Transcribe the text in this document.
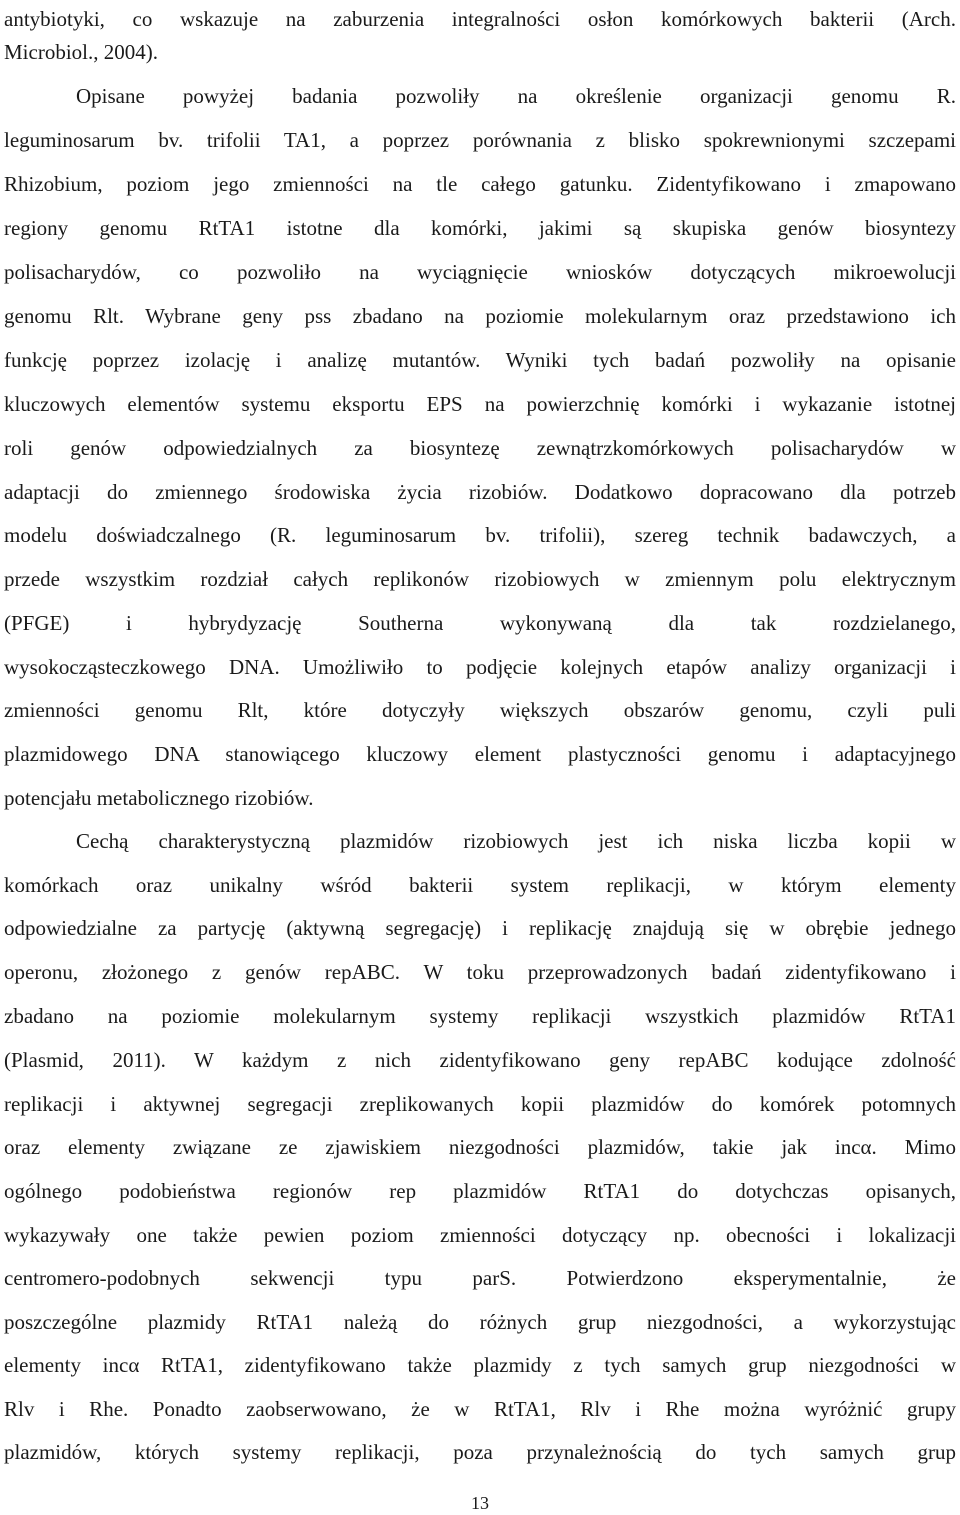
antybiotyki, co wskazuje na zaburzenia integralności osłon komórkowych bakterii (Arch.
Microbiol., 2004).
Opisane powyżej badania pozwoliły na określenie organizacji genomu R.
leguminosarum bv. trifolii TA1, a poprzez porównania z blisko spokrewnionymi szczepami
Rhizobium, poziom jego zmienności na tle całego gatunku. Zidentyfikowano i zmapowano
regiony genomu RtTA1 istotne dla komórki, jakimi są skupiska genów biosyntezy
polisacharydów, co pozwoliło na wyciągnięcie wniosków dotyczących mikroewolucji
genomu Rlt. Wybrane geny pss zbadano na poziomie molekularnym oraz przedstawiono ich
funkcję poprzez izolację i analizę mutantów. Wyniki tych badań pozwoliły na opisanie
kluczowych elementów systemu eksportu EPS na powierzchnię komórki i wykazanie istotnej
roli genów odpowiedzialnych za biosyntezę zewnątrzkomórkowych polisacharydów w
adaptacji do zmiennego środowiska życia rizobiów. Dodatkowo dopracowano dla potrzeb
modelu doświadczalnego (R. leguminosarum bv. trifolii), szereg technik badawczych, a
przede wszystkim rozdział całych replikonów rizobiowych w zmiennym polu elektrycznym
(PFGE) i hybrydyzację Southerna wykonywaną dla tak rozdzielanego,
wysokocząsteczkowego DNA. Umożliwiło to podjęcie kolejnych etapów analizy organizacji i
zmienności genomu Rlt, które dotyczyły większych obszarów genomu, czyli puli
plazmidowego DNA stanowiącego kluczowy element plastyczności genomu i adaptacyjnego
potencjału metabolicznego rizobiów.
Cechą charakterystyczną plazmidów rizobiowych jest ich niska liczba kopii w
komórkach oraz unikalny wśród bakterii system replikacji, w którym elementy
odpowiedzialne za partycję (aktywną segregację) i replikację znajdują się w obrębie jednego
operonu, złożonego z genów repABC. W toku przeprowadzonych badań zidentyfikowano i
zbadano na poziomie molekularnym systemy replikacji wszystkich plazmidów RtTA1
(Plasmid, 2011). W każdym z nich zidentyfikowano geny repABC kodujące zdolność
replikacji i aktywnej segregacji zreplikowanych kopii plazmidów do komórek potomnych
oraz elementy związane ze zjawiskiem niezgodności plazmidów, takie jak incα. Mimo
ogólnego podobieństwa regionów rep plazmidów RtTA1 do dotychczas opisanych,
wykazywały one także pewien poziom zmienności dotyczący np. obecności i lokalizacji
centromero-podobnych sekwencji typu parS. Potwierdzono eksperymentalnie, że
poszczególne plazmidy RtTA1 należą do różnych grup niezgodności, a wykorzystując
elementy incα RtTA1, zidentyfikowano także plazmidy z tych samych grup niezgodności w
Rlv i Rhe. Ponadto zaobserwowano, że w RtTA1, Rlv i Rhe można wyróżnić grupy
plazmidów, których systemy replikacji, poza przynależnością do tych samych grup
13
